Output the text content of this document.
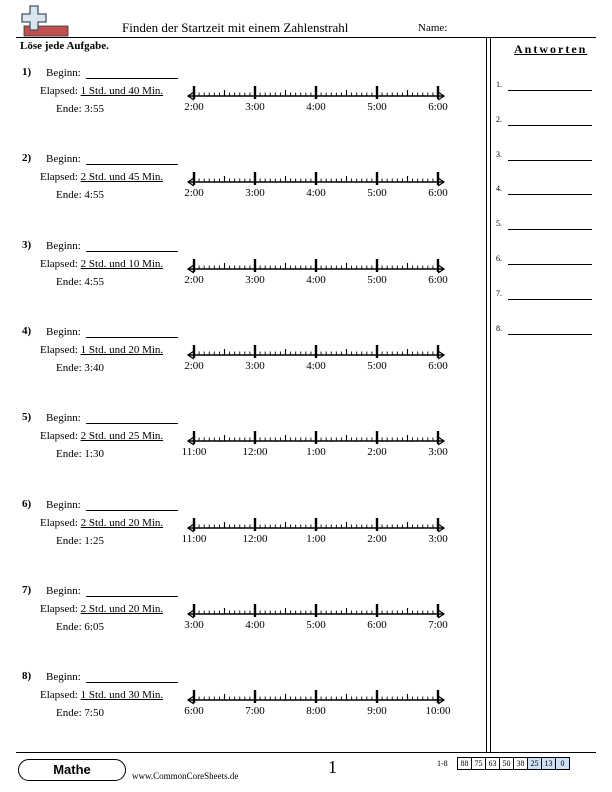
Finden der Startzeit mit einem Zahlenstrahl	Name:
Löse jede Aufgabe.	Antworten
1.
2.
3.
4.
5.
6.
7.
8.
1) Beginn:
Elapsed: 1 Std. und 40 Min.
Ende: 3:55	2:00	3:00	4:00	5:00	6:00
2) Beginn:
Elapsed: 2 Std. und 45 Min.
Ende: 4:55	2:00	3:00	4:00	5:00	6:00
3) Beginn:
Elapsed: 2 Std. und 10 Min.
Ende: 4:55	2:00	3:00	4:00	5:00	6:00
4) Beginn:
Elapsed: 1 Std. und 20 Min.
Ende: 3:40	2:00	3:00	4:00	5:00	6:00
5) Beginn:
Elapsed: 2 Std. und 25 Min.
Ende: 1:30	11:00	12:00	1:00	2:00	3:00
6) Beginn:
Elapsed: 2 Std. und 20 Min.
Ende: 1:25	11:00	12:00	1:00	2:00	3:00
7) Beginn:
Elapsed: 2 Std. und 20 Min.
Ende: 6:05	3:00	4:00	5:00	6:00	7:00
8) Beginn:
Elapsed: 1 Std. und 30 Min.
Ende: 7:50	6:00	7:00	8:00	9:00	10:00
Mathe	www.CommonCoreSheets.de	1	1-8 88	75	63	50	38	25	13	0
